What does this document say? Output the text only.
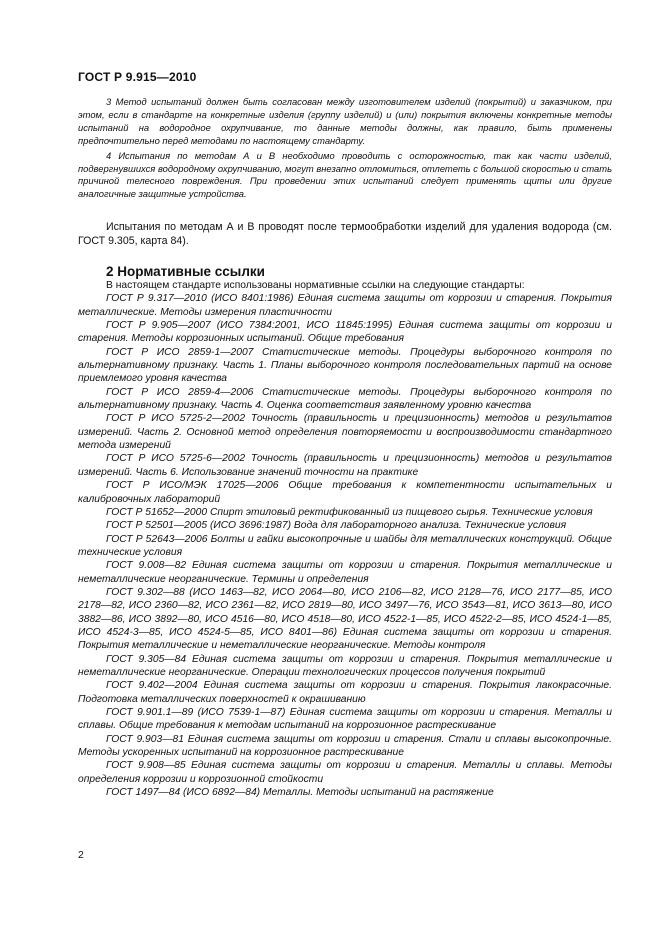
ГОСТ Р 9.915—2010

3 Метод испытаний должен быть согласован между изготовителем изделий (покрытий) и заказчиком, при этом, если в стандарте на конкретные изделия (группу изделий) и (или) покрытия включены конкретные методы испытаний на водородное охрупчивание, то данные методы должны, как правило, быть применены предпочтительно перед методами по настоящему стандарту.

4 Испытания по методам А и В необходимо проводить с осторожностью, так как части изделий, подвергнувшихся водородному охрупчиванию, могут внезапно отломиться, отлететь с большой скоростью и стать причиной телесного повреждения. При проведении этих испытаний следует применять щиты или другие аналогичные защитные устройства.

Испытания по методам А и В проводят после термообработки изделий для удаления водорода (см. ГОСТ 9.305, карта 84).

2 Нормативные ссылки

В настоящем стандарте использованы нормативные ссылки на следующие стандарты:

ГОСТ Р 9.317—2010 (ИСО 8401:1986) Единая система защиты от коррозии и старения. Покрытия металлические. Методы измерения пластичности

ГОСТ Р 9.905—2007 (ИСО 7384:2001, ИСО 11845:1995) Единая система защиты от коррозии и старения. Методы коррозионных испытаний. Общие требования

ГОСТ Р ИСО 2859-1—2007 Статистические методы. Процедуры выборочного контроля по альтернативному признаку. Часть 1. Планы выборочного контроля последовательных партий на основе приемлемого уровня качества

ГОСТ Р ИСО 2859-4—2006 Статистические методы. Процедуры выборочного контроля по альтернативному признаку. Часть 4. Оценка соответствия заявленному уровню качества

ГОСТ Р ИСО 5725-2—2002 Точность (правильность и прецизионность) методов и результатов измерений. Часть 2. Основной метод определения повторяемости и воспроизводимости стандартного метода измерений

ГОСТ Р ИСО 5725-6—2002 Точность (правильность и прецизионность) методов и результатов измерений. Часть 6. Использование значений точности на практике

ГОСТ Р ИСО/МЭК 17025—2006 Общие требования к компетентности испытательных и калибровочных лабораторий

ГОСТ Р 51652—2000 Спирт этиловый ректификованный из пищевого сырья. Технические условия

ГОСТ Р 52501—2005 (ИСО 3696:1987) Вода для лабораторного анализа. Технические условия

ГОСТ Р 52643—2006 Болты и гайки высокопрочные и шайбы для металлических конструкций. Общие технические условия

ГОСТ 9.008—82 Единая система защиты от коррозии и старения. Покрытия металлические и неметаллические неорганические. Термины и определения

ГОСТ 9.302—88 (ИСО 1463—82, ИСО 2064—80, ИСО 2106—82, ИСО 2128—76, ИСО 2177—85, ИСО 2178—82, ИСО 2360—82, ИСО 2361—82, ИСО 2819—80, ИСО 3497—76, ИСО 3543—81, ИСО 3613—80, ИСО 3882—86, ИСО 3892—80, ИСО 4516—80, ИСО 4518—80, ИСО 4522-1—85, ИСО 4522-2—85, ИСО 4524-1—85, ИСО 4524-3—85, ИСО 4524-5—85, ИСО 8401—86) Единая система защиты от коррозии и старения. Покрытия металлические и неметаллические неорганические. Методы контроля

ГОСТ 9.305—84 Единая система защиты от коррозии и старения. Покрытия металлические и неметаллические неорганические. Операции технологических процессов получения покрытий

ГОСТ 9.402—2004 Единая система защиты от коррозии и старения. Покрытия лакокрасочные. Подготовка металлических поверхностей к окрашиванию

ГОСТ 9.901.1—89 (ИСО 7539-1—87) Единая система защиты от коррозии и старения. Металлы и сплавы. Общие требования к методам испытаний на коррозионное растрескивание

ГОСТ 9.903—81 Единая система защиты от коррозии и старения. Стали и сплавы высокопрочные. Методы ускоренных испытаний на коррозионное растрескивание

ГОСТ 9.908—85 Единая система защиты от коррозии и старения. Металлы и сплавы. Методы определения коррозии и коррозионной стойкости

ГОСТ 1497—84 (ИСО 6892—84) Металлы. Методы испытаний на растяжение

2
